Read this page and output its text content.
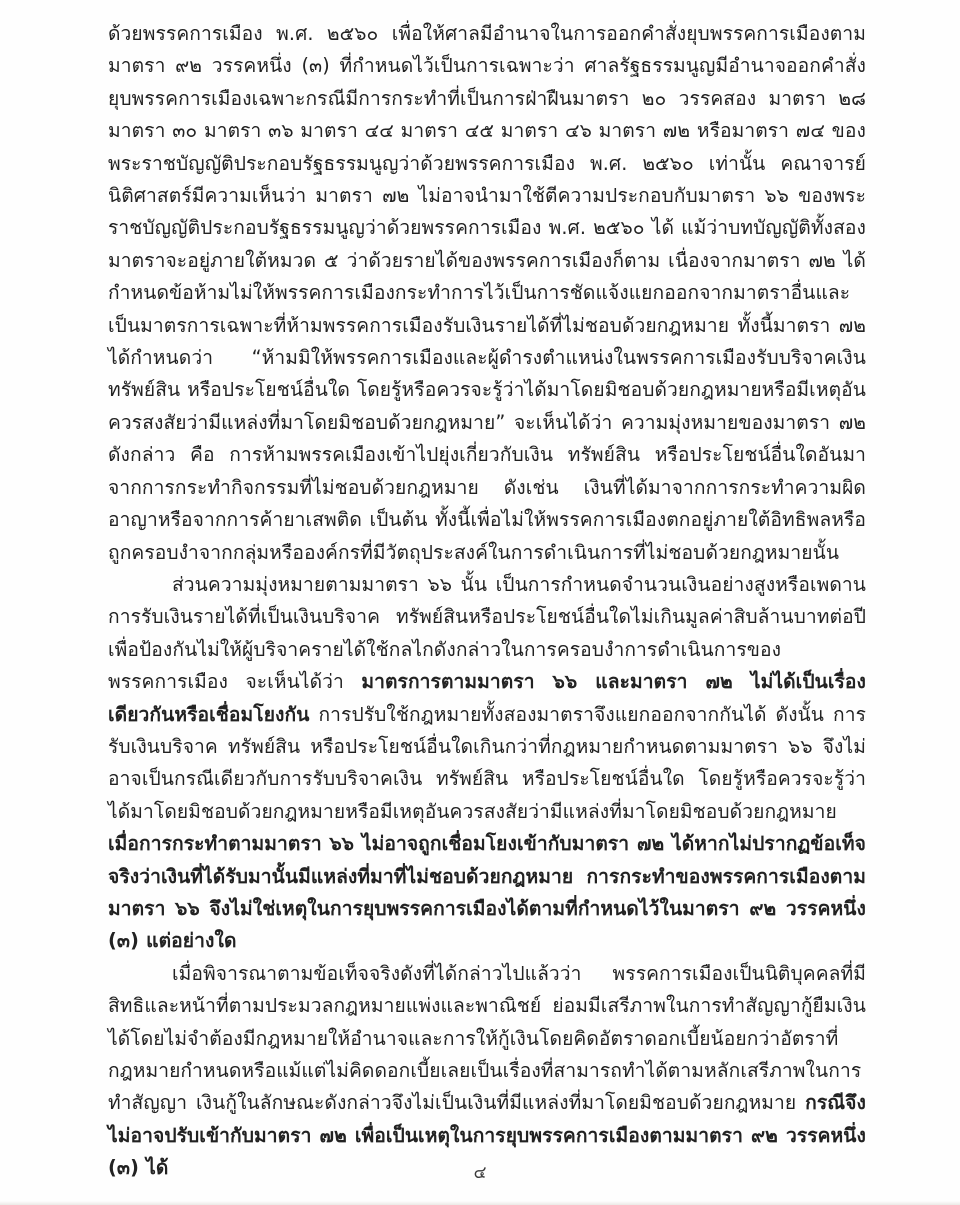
ด้วยพรรคการเมือง พ.ศ. ๒๕๖๐ เพื่อให้ศาลมีอำนาจในการออกคำสั่งยุบพรรคการเมืองตามมาตรา ๙๒ วรรคหนึ่ง (๓) ที่กำหนดไว้เป็นการเฉพาะว่า ศาลรัฐธรรมนูญมีอำนาจออกคำสั่งยุบพรรคการเมืองเฉพาะกรณีมีการกระทำที่เป็นการฝ่าฝืนมาตรา ๒๐ วรรคสอง มาตรา ๒๘ มาตรา ๓๐ มาตรา ๓๖ มาตรา ๔๔ มาตรา ๔๕ มาตรา ๔๖ มาตรา ๗๒ หรือมาตรา ๗๔ ของพระราชบัญญัติประกอบรัฐธรรมนูญว่าด้วยพรรคการเมือง พ.ศ. ๒๕๖๐ เท่านั้น คณาจารย์นิติศาสตร์มีความเห็นว่า มาตรา ๗๒ ไม่อาจนำมาใช้ตีความประกอบกับมาตรา ๖๖ ของพระราชบัญญัติประกอบรัฐธรรมนูญว่าด้วยพรรคการเมือง พ.ศ. ๒๕๖๐ ได้ แม้ว่าบทบัญญัติทั้งสองมาตราจะอยู่ภายใต้หมวด ๕ ว่าด้วยรายได้ของพรรคการเมืองก็ตาม เนื่องจากมาตรา ๗๒ ได้กำหนดข้อห้ามไม่ให้พรรคการเมืองกระทำการไว้เป็นการชัดแจ้งแยกออกจากมาตราอื่นและเป็นมาตรการเฉพาะที่ห้ามพรรคการเมืองรับเงินรายได้ที่ไม่ชอบด้วยกฎหมาย ทั้งนี้มาตรา ๗๒ ได้กำหนดว่า “ห้ามมิให้พรรคการเมืองและผู้ดำรงตำแหน่งในพรรคการเมืองรับบริจาคเงิน ทรัพย์สิน หรือประโยชน์อื่นใด โดยรู้หรือควรจะรู้ว่าได้มาโดยมิชอบด้วยกฎหมายหรือมีเหตุอันควรสงสัยว่ามีแหล่งที่มาโดยมิชอบด้วยกฎหมาย” จะเห็นได้ว่า ความมุ่งหมายของมาตรา ๗๒ ดังกล่าว คือ การห้ามพรรคเมืองเข้าไปยุ่งเกี่ยวกับเงิน ทรัพย์สิน หรือประโยชน์อื่นใดอันมาจากการกระทำกิจกรรมที่ไม่ชอบด้วยกฎหมาย ดังเช่น เงินที่ได้มาจากการกระทำความผิดอาญาหรือจากการค้ายาเสพติด เป็นต้น ทั้งนี้เพื่อไม่ให้พรรคการเมืองตกอยู่ภายใต้อิทธิพลหรือถูกครอบงำจากกลุ่มหรือองค์กรที่มีวัตถุประสงค์ในการดำเนินการที่ไม่ชอบด้วยกฎหมายนั้น

ส่วนความมุ่งหมายตามมาตรา ๖๖ นั้น เป็นการกำหนดจำนวนเงินอย่างสูงหรือเพดานการรับเงินรายได้ที่เป็นเงินบริจาค ทรัพย์สินหรือประโยชน์อื่นใดไม่เกินมูลค่าสิบล้านบาทต่อปี เพื่อป้องกันไม่ให้ผู้บริจาครายได้ใช้กลไกดังกล่าวในการครอบงำการดำเนินการของพรรคการเมือง จะเห็นได้ว่า มาตรการตามมาตรา ๖๖ และมาตรา ๗๒ ไม่ได้เป็นเรื่องเดียวกันหรือเชื่อมโยงกัน การปรับใช้กฎหมายทั้งสองมาตราจึงแยกออกจากกันได้ ดังนั้น การรับเงินบริจาค ทรัพย์สิน หรือประโยชน์อื่นใดเกินกว่าที่กฎหมายกำหนดตามมาตรา ๖๖ จึงไม่อาจเป็นกรณีเดียวกับการรับบริจาคเงิน ทรัพย์สิน หรือประโยชน์อื่นใด โดยรู้หรือควรจะรู้ว่าได้มาโดยมิชอบด้วยกฎหมายหรือมีเหตุอันควรสงสัยว่ามีแหล่งที่มาโดยมิชอบด้วยกฎหมาย เมื่อการกระทำตามมาตรา ๖๖ ไม่อาจถูกเชื่อมโยงเข้ากับมาตรา ๗๒ ได้หากไม่ปรากฏข้อเท็จจริงว่าเงินที่ได้รับมานั้นมีแหล่งที่มาที่ไม่ชอบด้วยกฎหมาย การกระทำของพรรคการเมืองตามมาตรา ๖๖ จึงไม่ใช่เหตุในการยุบพรรคการเมืองได้ตามที่กำหนดไว้ในมาตรา ๙๒ วรรคหนึ่ง (๓) แต่อย่างใด

เมื่อพิจารณาตามข้อเท็จจริงดังที่ได้กล่าวไปแล้วว่า พรรคการเมืองเป็นนิติบุคคลที่มีสิทธิและหน้าที่ตามประมวลกฎหมายแพ่งและพาณิชย์ ย่อมมีเสรีภาพในการทำสัญญากู้ยืมเงินได้โดยไม่จำต้องมีกฎหมายให้อำนาจและการให้กู้เงินโดยคิดอัตราดอกเบี้ยน้อยกว่าอัตราที่กฎหมายกำหนดหรือแม้แต่ไม่คิดดอกเบี้ยเลยเป็นเรื่องที่สามารถทำได้ตามหลักเสรีภาพในการทำสัญญา เงินกู้ในลักษณะดังกล่าวจึงไม่เป็นเงินที่มีแหล่งที่มาโดยมิชอบด้วยกฎหมาย กรณีจึงไม่อาจปรับเข้ากับมาตรา ๗๒ เพื่อเป็นเหตุในการยุบพรรคการเมืองตามมาตรา ๙๒ วรรคหนึ่ง (๓) ได้	๔
